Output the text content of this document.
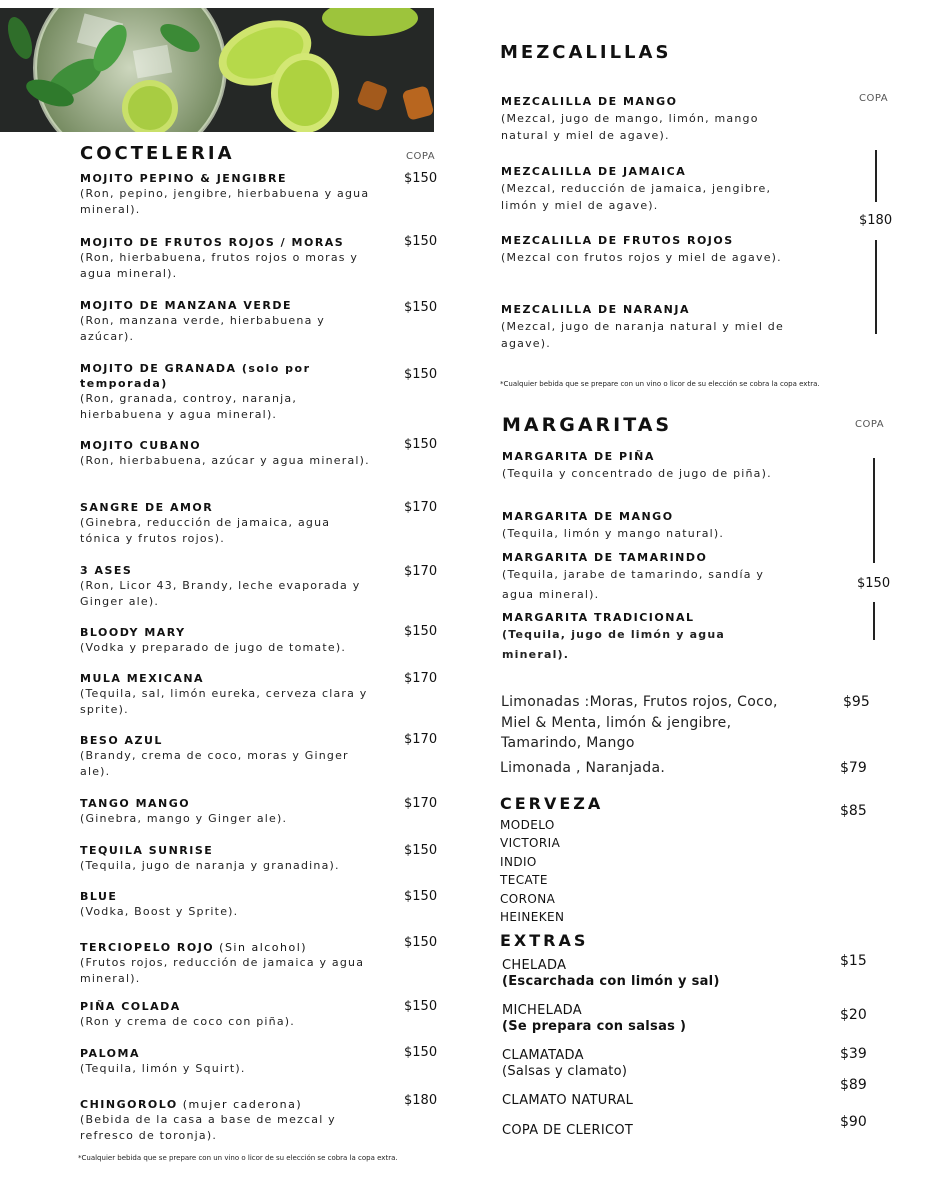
COCTELERIA	COPA
MOJITO PEPINO & JENGIBRE
(Ron, pepino, jengibre, hierbabuena y agua mineral).
$150
MOJITO DE FRUTOS ROJOS / MORAS
(Ron, hierbabuena, frutos rojos o moras y agua mineral).
$150
MOJITO DE MANZANA VERDE
(Ron, manzana verde, hierbabuena y azúcar).
$150
MOJITO DE GRANADA (solo por temporada)
(Ron, granada, controy, naranja, hierbabuena y agua mineral).
$150
MOJITO CUBANO
(Ron, hierbabuena, azúcar y agua mineral).
$150
SANGRE DE AMOR
(Ginebra, reducción de jamaica, agua tónica y frutos rojos).
$170
3 ASES
(Ron, Licor 43, Brandy, leche evaporada y Ginger ale).
$170
BLOODY MARY
(Vodka y preparado de jugo de tomate).
$150
MULA MEXICANA
(Tequila, sal, limón eureka, cerveza clara y sprite).
$170
BESO AZUL
(Brandy, crema de coco, moras y Ginger ale).
$170
TANGO MANGO
(Ginebra, mango y Ginger ale).
$170
TEQUILA SUNRISE
(Tequila, jugo de naranja y granadina).
$150
BLUE
(Vodka, Boost y Sprite).
$150
TERCIOPELO ROJO (Sin alcohol)
(Frutos rojos, reducción de jamaica y agua mineral).
$150
PIÑA COLADA
(Ron y crema de coco con piña).
$150
PALOMA
(Tequila, limón y Squirt).
$150
CHINGOROLO (mujer caderona)
(Bebida de la casa a base de mezcal y refresco de toronja).
$180
*Cualquier bebida que se prepare con un vino o licor de su elección se cobra la copa extra.
MEZCALILLAS
COPA
MEZCALILLA DE MANGO
(Mezcal, jugo de mango, limón, mango natural y miel de agave).
MEZCALILLA DE JAMAICA
(Mezcal, reducción de jamaica, jengibre, limón y miel de agave).
MEZCALILLA DE FRUTOS ROJOS
(Mezcal con frutos rojos y miel de agave).
MEZCALILLA DE NARANJA
(Mezcal, jugo de naranja natural y miel de agave).
$180
*Cualquier bebida que se prepare con un vino o licor de su elección se cobra la copa extra.
MARGARITAS	COPA
MARGARITA DE PIÑA
(Tequila y concentrado de jugo de piña).
MARGARITA DE MANGO
(Tequila, limón y mango natural).
MARGARITA DE TAMARINDO
(Tequila, jarabe de tamarindo, sandía y agua mineral).
MARGARITA TRADICIONAL
(Tequila, jugo de limón y agua mineral).
$150
Limonadas :Moras, Frutos rojos, Coco,
Miel & Menta, limón & jengibre,
Tamarindo, Mango
$95
Limonada , Naranjada.	$79
CERVEZA	$85
MODELO
VICTORIA
INDIO
TECATE
CORONA
HEINEKEN
EXTRAS
CHELADA
(Escarchada con limón y sal)
$15
MICHELADA
(Se prepara con salsas )
$20
CLAMATADA
(Salsas y clamato)
$39
CLAMATO NATURAL
$89
COPA DE CLERICOT
$90
